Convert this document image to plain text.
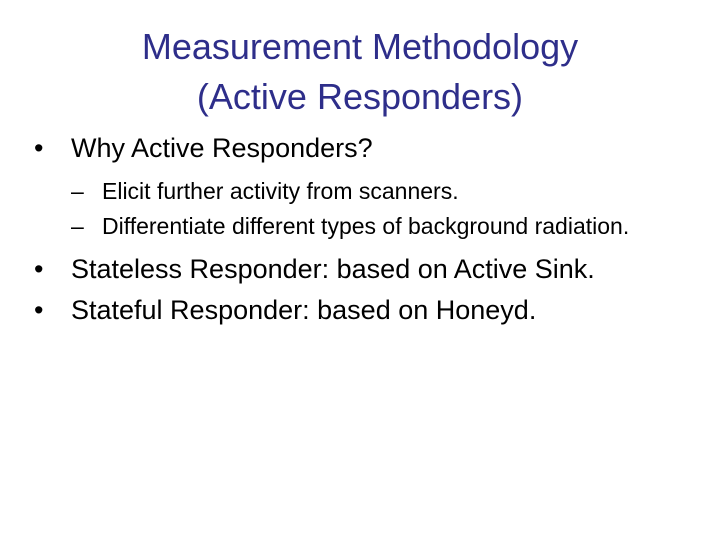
Measurement Methodology
(Active Responders)
• Why Active Responders?
– Elicit further activity from scanners.
– Differentiate different types of background radiation.
• Stateless Responder: based on Active Sink.
• Stateful Responder: based on Honeyd.
